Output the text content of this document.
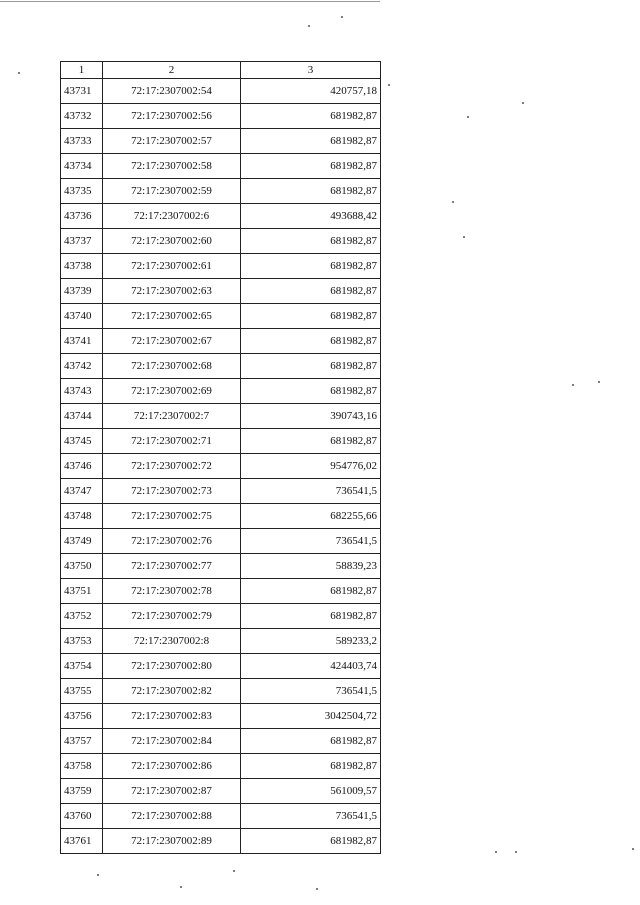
1	2	3
43731	72:17:2307002:54	420757,18
43732	72:17:2307002:56	681982,87
43733	72:17:2307002:57	681982,87
43734	72:17:2307002:58	681982,87
43735	72:17:2307002:59	681982,87
43736	72:17:2307002:6	493688,42
43737	72:17:2307002:60	681982,87
43738	72:17:2307002:61	681982,87
43739	72:17:2307002:63	681982,87
43740	72:17:2307002:65	681982,87
43741	72:17:2307002:67	681982,87
43742	72:17:2307002:68	681982,87
43743	72:17:2307002:69	681982,87
43744	72:17:2307002:7	390743,16
43745	72:17:2307002:71	681982,87
43746	72:17:2307002:72	954776,02
43747	72:17:2307002:73	736541,5
43748	72:17:2307002:75	682255,66
43749	72:17:2307002:76	736541,5
43750	72:17:2307002:77	58839,23
43751	72:17:2307002:78	681982,87
43752	72:17:2307002:79	681982,87
43753	72:17:2307002:8	589233,2
43754	72:17:2307002:80	424403,74
43755	72:17:2307002:82	736541,5
43756	72:17:2307002:83	3042504,72
43757	72:17:2307002:84	681982,87
43758	72:17:2307002:86	681982,87
43759	72:17:2307002:87	561009,57
43760	72:17:2307002:88	736541,5
43761	72:17:2307002:89	681982,87
